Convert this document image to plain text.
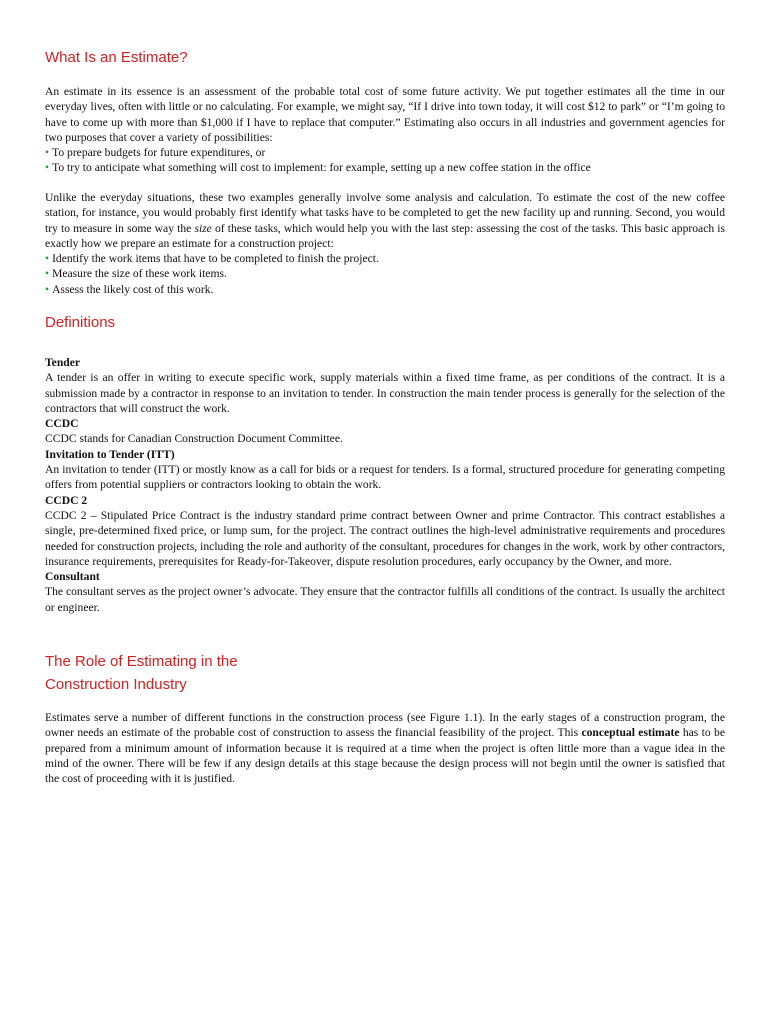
What Is an Estimate?

An estimate in its essence is an assessment of the probable total cost of some future activity. We put together estimates all the time in our everyday lives, often with little or no calculating. For example, we might say, “If I drive into town today, it will cost $12 to park” or “I’m going to have to come up with more than $1,000 if I have to replace that computer.” Estimating also occurs in all industries and government agencies for two purposes that cover a variety of possibilities:

• To prepare budgets for future expenditures, or
• To try to anticipate what something will cost to implement: for example, setting up a new coffee station in the office

Unlike the everyday situations, these two examples generally involve some analysis and calculation. To estimate the cost of the new coffee station, for instance, you would probably first identify what tasks have to be completed to get the new facility up and running. Second, you would try to measure in some way the size of these tasks, which would help you with the last step: assessing the cost of the tasks. This basic approach is exactly how we prepare an estimate for a construction project:

• Identify the work items that have to be completed to finish the project.
• Measure the size of these work items.
• Assess the likely cost of this work.
Definitions
Tender

A tender is an offer in writing to execute specific work, supply materials within a fixed time frame, as per conditions of the contract. It is a submission made by a contractor in response to an invitation to tender. In construction the main tender process is generally for the selection of the contractors that will construct the work.

CCDC

CCDC stands for Canadian Construction Document Committee.

Invitation to Tender (ITT)

An invitation to tender (ITT) or mostly know as a call for bids or a request for tenders. Is a formal, structured procedure for generating competing offers from potential suppliers or contractors looking to obtain the work.

CCDC 2

CCDC 2 – Stipulated Price Contract is the industry standard prime contract between Owner and prime Contractor. This contract establishes a single, pre-determined fixed price, or lump sum, for the project. The contract outlines the high-level administrative requirements and procedures needed for construction projects, including the role and authority of the consultant, procedures for changes in the work, work by other contractors, insurance requirements, prerequisites for Ready-for-Takeover, dispute resolution procedures, early occupancy by the Owner, and more.

Consultant

The consultant serves as the project owner’s advocate. They ensure that the contractor fulfills all conditions of the contract. Is usually the architect or engineer.

The Role of Estimating in the
Construction Industry

Estimates serve a number of different functions in the construction process (see Figure 1.1). In the early stages of a construction program, the owner needs an estimate of the probable cost of construction to assess the financial feasibility of the project. This conceptual estimate has to be prepared from a minimum amount of information because it is required at a time when the project is often little more than a vague idea in the mind of the owner. There will be few if any design details at this stage because the design process will not begin until the owner is satisfied that the cost of proceeding with it is justified.
